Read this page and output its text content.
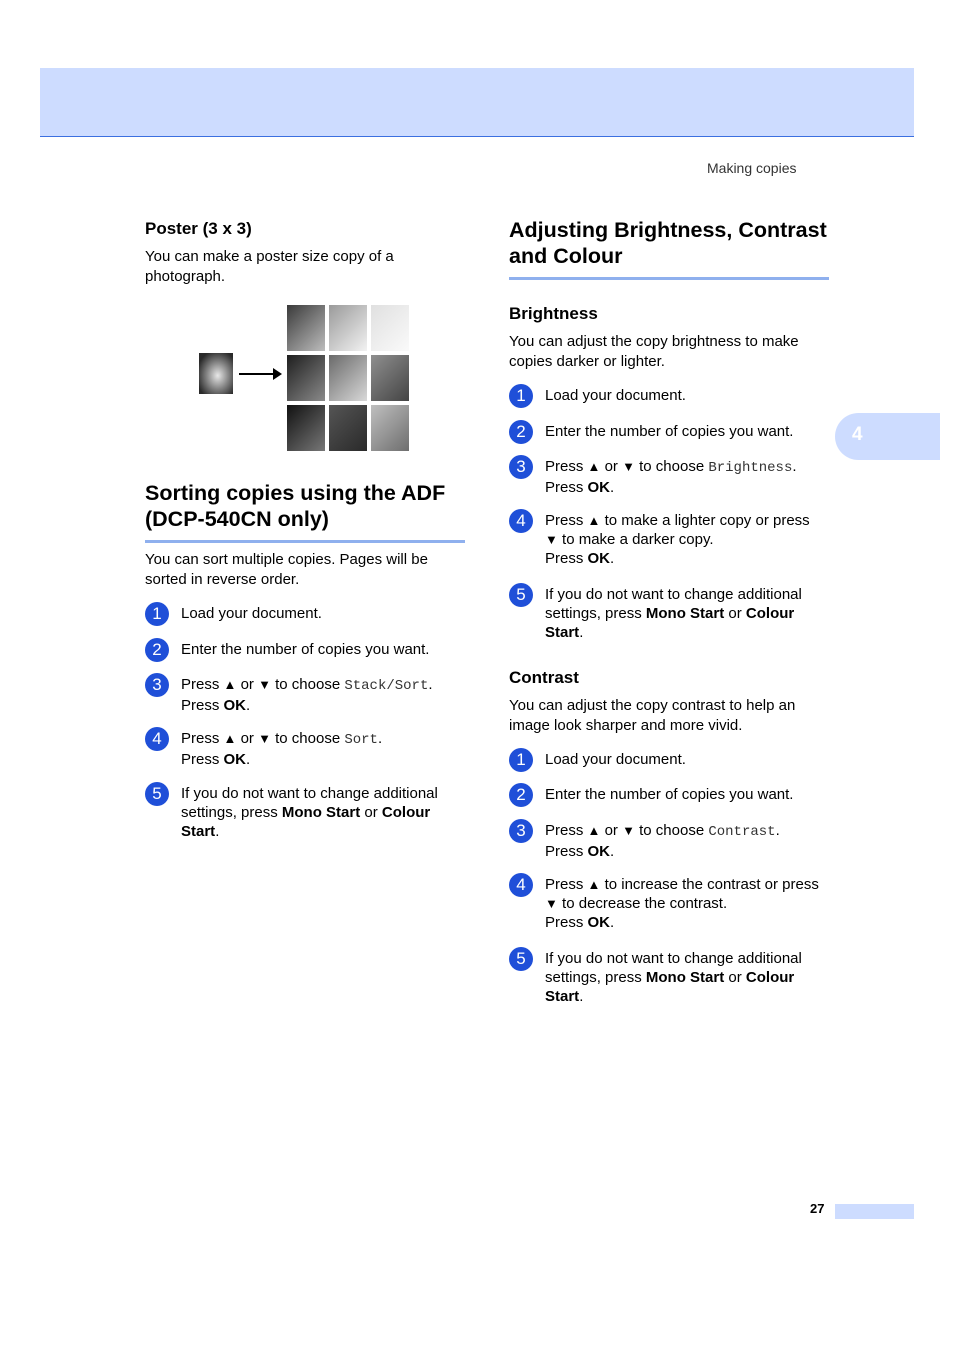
Making copies
4
Poster (3 x 3)
You can make a poster size copy of a photograph.
Sorting copies using the ADF (DCP-540CN only)
You can sort multiple copies. Pages will be sorted in reverse order.
1	Load your document.
2	Enter the number of copies you want.
3	Press ▲ or ▼ to choose Stack/Sort.
Press OK.
4	Press ▲ or ▼ to choose Sort.
Press OK.
5	If you do not want to change additional settings, press Mono Start or Colour Start.
Adjusting Brightness, Contrast and Colour
Brightness
You can adjust the copy brightness to make copies darker or lighter.
1	Load your document.
2	Enter the number of copies you want.
3	Press ▲ or ▼ to choose Brightness.
Press OK.
4	Press ▲ to make a lighter copy or press
▼ to make a darker copy.
Press OK.
5	If you do not want to change additional settings, press Mono Start or Colour Start.
Contrast
You can adjust the copy contrast to help an image look sharper and more vivid.
1	Load your document.
2	Enter the number of copies you want.
3	Press ▲ or ▼ to choose Contrast.
Press OK.
4	Press ▲ to increase the contrast or press ▼ to decrease the contrast.
Press OK.
5	If you do not want to change additional settings, press Mono Start or Colour Start.
27
